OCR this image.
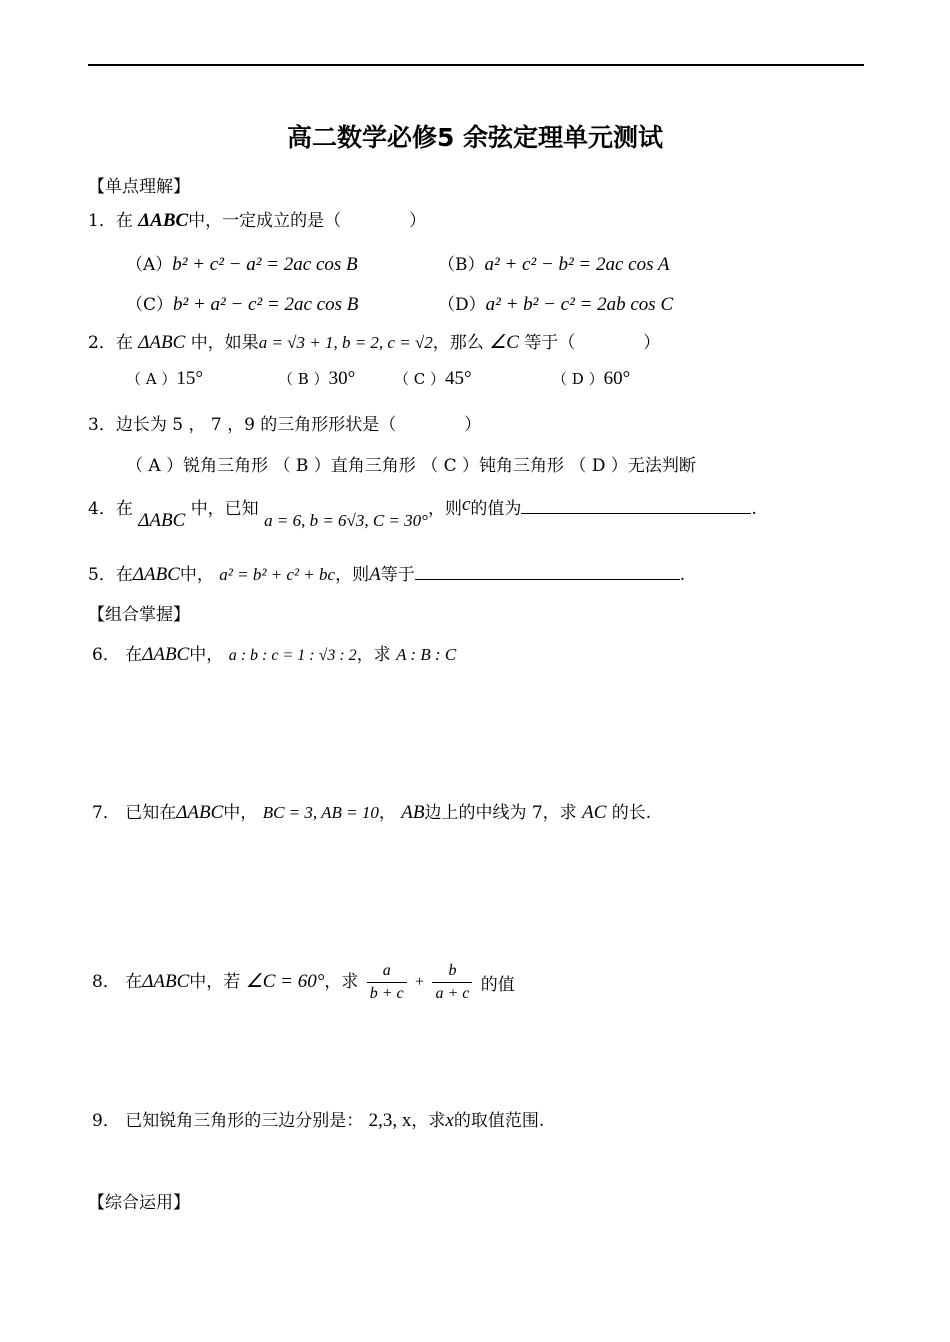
高二数学必修5 余弦定理单元测试
【单点理解】
1．在 ΔABC中，一定成立的是（　　　　）
（A）b² + c² − a² = 2ac cos B	（B）a² + c² − b² = 2ac cos A
（C）b² + a² − c² = 2ac cos B	（D）a² + b² − c² = 2ab cos C
2．在 ΔABC 中，如果a = √3 + 1, b = 2, c = √2，那么 ∠C 等于（　　　　）
（ A ）15°	（ B ）30°	（ C ）45°	（ D ）60°
3．边长为 5 ， 7 ，9 的三角形形状是（　　　　）
（ A ）锐角三角形 （ B ）直角三角形 （ C ）钝角三角形 （ D ）无法判断
4．在 ΔABC 中，已知 a = 6, b = 6√3, C = 30°，则c的值为	.
5．在ΔABC中， a² = b² + c² + bc，则A等于	.
【组合掌握】
6． 在ΔABC中， a : b : c = 1 : √3 : 2，求 A : B : C
7． 已知在ΔABC中， BC = 3, AB = 10， AB边上的中线为 7，求 AC 的长.
8． 在ΔABC中，若 ∠C = 60°，求 $\frac{a}{b + c} + \frac{b}{a + c}$ 的值
9． 已知锐角三角形的三边分别是： 2,3, x，求x的取值范围.
【综合运用】
